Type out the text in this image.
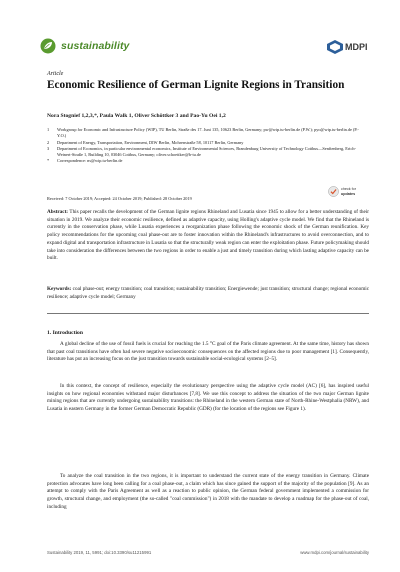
sustainability	MDPI
Article
Economic Resilience of German Lignite Regions in Transition
Nora Stognief 1,2,3,*, Paula Walk 1, Oliver Schöttker 3 and Pao-Yu Oei 1,2
1	Workgroup for Economic and Infrastructure Policy (WIP), TU Berlin, Straße des 17. Juni 135, 10623 Berlin, Germany; pw@wip.tu-berlin.de (P.W.); pyo@wip.tu-berlin.de (P.-Y.O.)
2	Department of Energy, Transportation, Environment, DIW Berlin, Mohrenstraße 58, 10117 Berlin, Germany
3	Department of Economics, in particular environmental economics, Institute of Environmental Sciences, Brandenburg University of Technology Cottbus—Senftenberg, Erich-Weinert-Straße 1, Building 10, 03046 Cottbus, Germany; oliver.schoettker@b-tu.de
*	Correspondence: ns@wip.tu-berlin.de
check for
updates
Received: 7 October 2019; Accepted: 24 October 2019; Published: 28 October 2019
Abstract: This paper recalls the development of the German lignite regions Rhineland and Lusatia since 1945 to allow for a better understanding of their situation in 2019. We analyze their economic resilience, defined as adaptive capacity, using Holling's adaptive cycle model. We find that the Rhineland is currently in the conservation phase, while Lusatia experiences a reorganization phase following the economic shock of the German reunification. Key policy recommendations for the upcoming coal phase-out are to foster innovation within the Rhineland's infrastructures to avoid overconnection, and to expand digital and transportation infrastructure in Lusatia so that the structurally weak region can enter the exploitation phase. Future policymaking should take into consideration the differences between the two regions in order to enable a just and timely transition during which lasting adaptive capacity can be built.
Keywords: coal phase-out; energy transition; coal transition; sustainability transition; Energiewende; just transition; structural change; regional economic resilience; adaptive cycle model; Germany
1. Introduction
A global decline of the use of fossil fuels is crucial for reaching the 1.5 °C goal of the Paris climate agreement. At the same time, history has shown that past coal transitions have often had severe negative socioeconomic consequences on the affected regions due to poor management [1]. Consequently, literature has put an increasing focus on the just transition towards sustainable social-ecological systems [2–5].
In this context, the concept of resilience, especially the evolutionary perspective using the adaptive cycle model (AC) [6], has inspired useful insights on how regional economies withstand major disturbances [7,8]. We use this concept to address the situation of the two major German lignite mining regions that are currently undergoing sustainability transitions: the Rhineland in the western German state of North-Rhine-Westphalia (NRW), and Lusatia in eastern Germany in the former German Democratic Republic (GDR) (for the location of the regions see Figure 1).
To analyze the coal transition in the two regions, it is important to understand the current state of the energy transition in Germany. Climate protection advocates have long been calling for a coal phase-out, a claim which has since gained the support of the majority of the population [9]. As an attempt to comply with the Paris Agreement as well as a reaction to public opinion, the German federal government implemented a commission for growth, structural change, and employment (the so-called "coal commission") in 2018 with the mandate to develop a roadmap for the phase-out of coal, including
Sustainability 2019, 11, 5991; doi:10.3390/su11215991	www.mdpi.com/journal/sustainability
